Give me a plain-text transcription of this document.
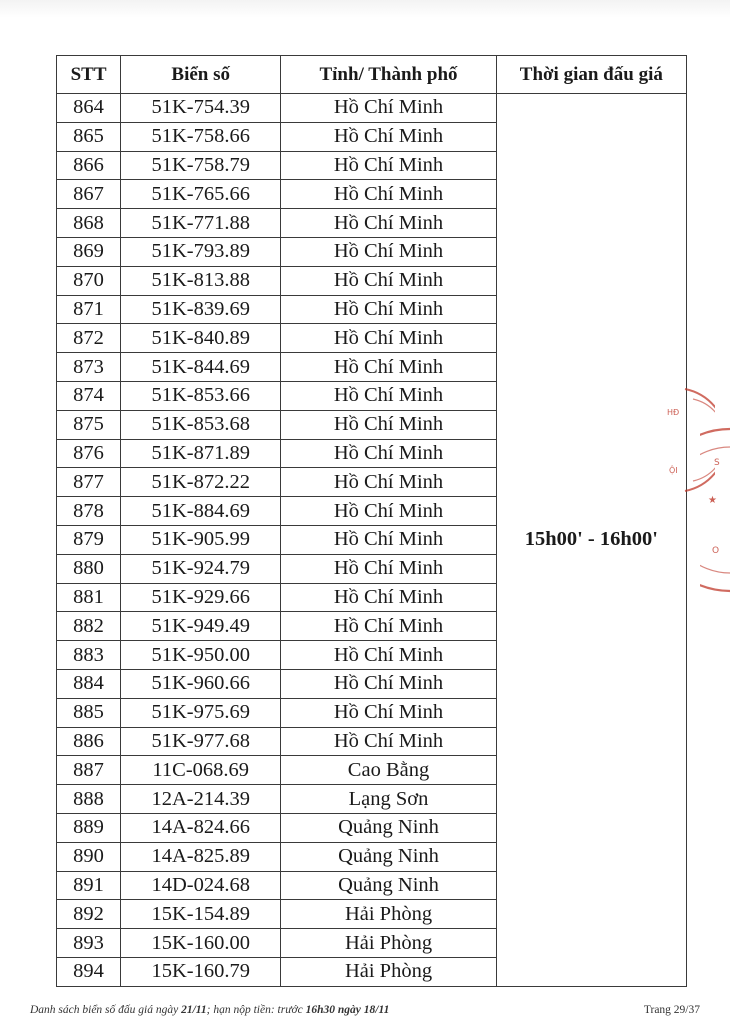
STT	Biển số	Tỉnh/ Thành phố	Thời gian đấu giá
864	51K-754.39	Hồ Chí Minh	15h00' - 16h00'
865	51K-758.66	Hồ Chí Minh	
866	51K-758.79	Hồ Chí Minh	
867	51K-765.66	Hồ Chí Minh	
868	51K-771.88	Hồ Chí Minh	
869	51K-793.89	Hồ Chí Minh	
870	51K-813.88	Hồ Chí Minh	
871	51K-839.69	Hồ Chí Minh	
872	51K-840.89	Hồ Chí Minh	
873	51K-844.69	Hồ Chí Minh	
874	51K-853.66	Hồ Chí Minh	
875	51K-853.68	Hồ Chí Minh	
876	51K-871.89	Hồ Chí Minh	
877	51K-872.22	Hồ Chí Minh	
878	51K-884.69	Hồ Chí Minh	
879	51K-905.99	Hồ Chí Minh	
880	51K-924.79	Hồ Chí Minh	
881	51K-929.66	Hồ Chí Minh	
882	51K-949.49	Hồ Chí Minh	
883	51K-950.00	Hồ Chí Minh	
884	51K-960.66	Hồ Chí Minh	
885	51K-975.69	Hồ Chí Minh	
886	51K-977.68	Hồ Chí Minh	
887	11C-068.69	Cao Bằng	
888	12A-214.39	Lạng Sơn	
889	14A-824.66	Quảng Ninh	
890	14A-825.89	Quảng Ninh	
891	14D-024.68	Quảng Ninh	
892	15K-154.89	Hải Phòng	
893	15K-160.00	Hải Phòng	
894	15K-160.79	Hải Phòng	
HĐ
ỘI
S
★
O
Danh sách biển số đấu giá ngày 21/11; hạn nộp tiền: trước 16h30 ngày 18/11	Trang 29/37
